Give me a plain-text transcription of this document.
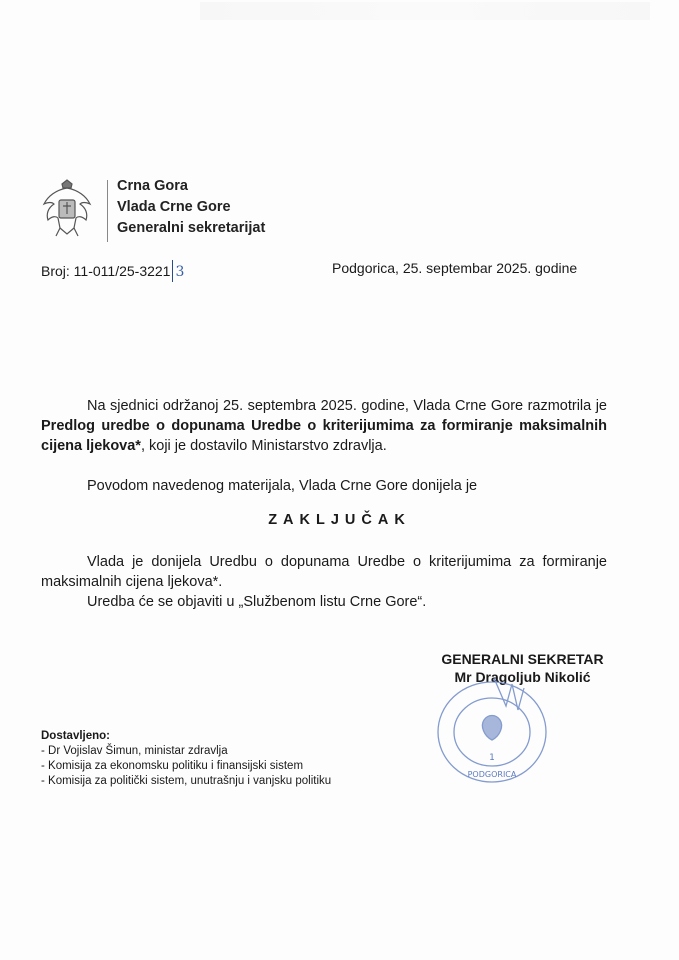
Crna Gora
Vlada Crne Gore
Generalni sekretarijat
Broj: 11-011/25-3221 3	Podgorica, 25. septembar 2025. godine
Na sjednici održanoj 25. septembra 2025. godine, Vlada Crne Gore razmotrila je Predlog uredbe o dopunama Uredbe o kriterijumima za formiranje maksimalnih cijena ljekova*, koji je dostavilo Ministarstvo zdravlja.
Povodom navedenog materijala, Vlada Crne Gore donijela je
ZAKLJUČAK
Vlada je donijela Uredbu o dopunama Uredbe o kriterijumima za formiranje maksimalnih cijena ljekova*.
Uredba će se objaviti u „Službenom listu Crne Gore“.
GENERALNI SEKRETAR
Mr Dragoljub Nikolić
1
PODGORICA
Dostavljeno:
- Dr Vojislav Šimun, ministar zdravlja
- Komisija za ekonomsku politiku i finansijski sistem
- Komisija za politički sistem, unutrašnju i vanjsku politiku
